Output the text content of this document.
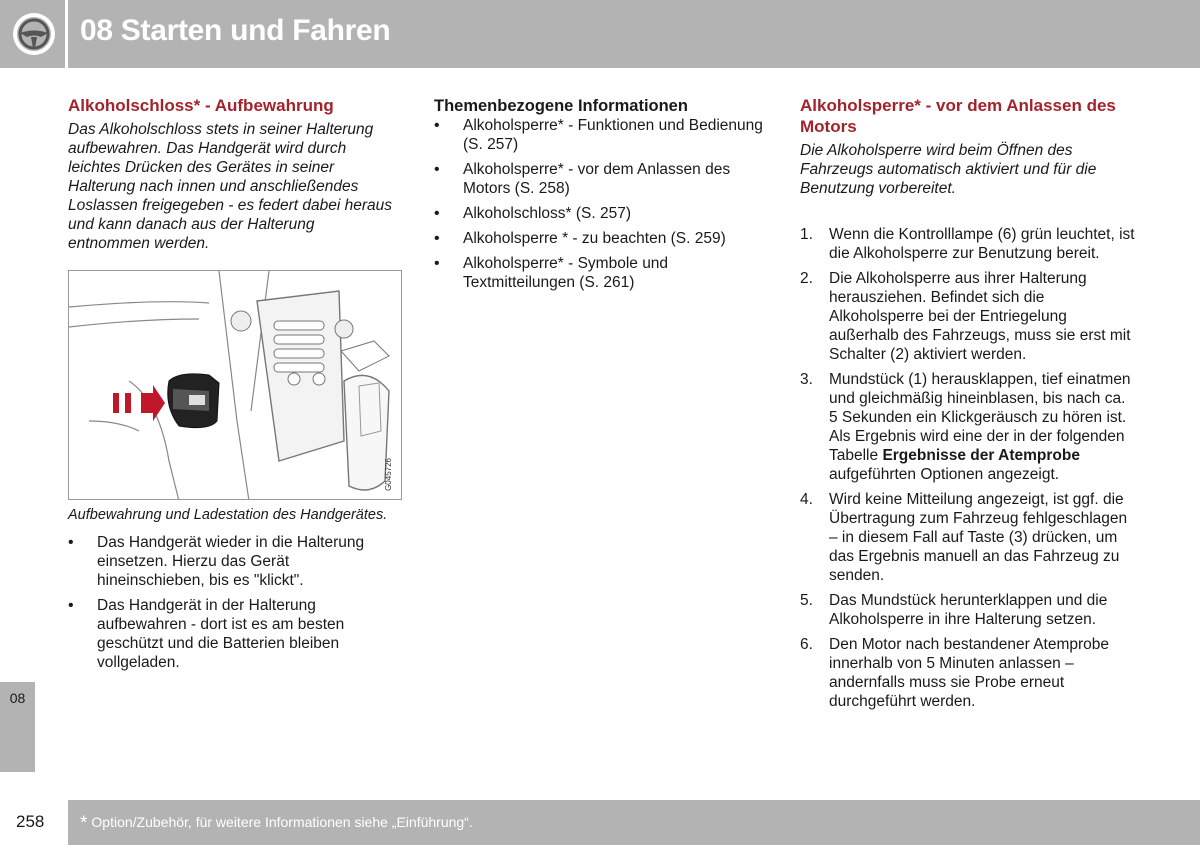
08 Starten und Fahren
08
Alkoholschloss* - Aufbewahrung

Das Alkoholschloss stets in seiner Halterung aufbewahren. Das Handgerät wird durch leichtes Drücken des Gerätes in seiner Halterung nach innen und anschließendes Loslassen freigegeben - es federt dabei heraus und kann danach aus der Halterung entnommen werden.

G045726

Aufbewahrung und Ladestation des Handgerätes.

• Das Handgerät wieder in die Halterung einsetzen. Hierzu das Gerät hineinschieben, bis es "klickt".
• Das Handgerät in der Halterung aufbewahren - dort ist es am besten geschützt und die Batterien bleiben vollgeladen.
Themenbezogene Informationen
• Alkoholsperre* - Funktionen und Bedienung (S. 257)
• Alkoholsperre* - vor dem Anlassen des Motors (S. 258)
• Alkoholschloss* (S. 257)
• Alkoholsperre * - zu beachten (S. 259)
• Alkoholsperre* - Symbole und Textmitteilungen (S. 261)
Alkoholsperre* - vor dem Anlassen des Motors

Die Alkoholsperre wird beim Öffnen des Fahrzeugs automatisch aktiviert und für die Benutzung vorbereitet.

1. Wenn die Kontrolllampe (6) grün leuchtet, ist die Alkoholsperre zur Benutzung bereit.
2. Die Alkoholsperre aus ihrer Halterung herausziehen. Befindet sich die Alkoholsperre bei der Entriegelung außerhalb des Fahrzeugs, muss sie erst mit Schalter (2) aktiviert werden.
3. Mundstück (1) herausklappen, tief einatmen und gleichmäßig hineinblasen, bis nach ca. 5 Sekunden ein Klickgeräusch zu hören ist. Als Ergebnis wird eine der in der folgenden Tabelle Ergebnisse der Atemprobe aufgeführten Optionen angezeigt.
4. Wird keine Mitteilung angezeigt, ist ggf. die Übertragung zum Fahrzeug fehlgeschlagen – in diesem Fall auf Taste (3) drücken, um das Ergebnis manuell an das Fahrzeug zu senden.
5. Das Mundstück herunterklappen und die Alkoholsperre in ihre Halterung setzen.
6. Den Motor nach bestandener Atemprobe innerhalb von 5 Minuten anlassen – andernfalls muss sie Probe erneut durchgeführt werden.
258 * Option/Zubehör, für weitere Informationen siehe „Einführung“.
